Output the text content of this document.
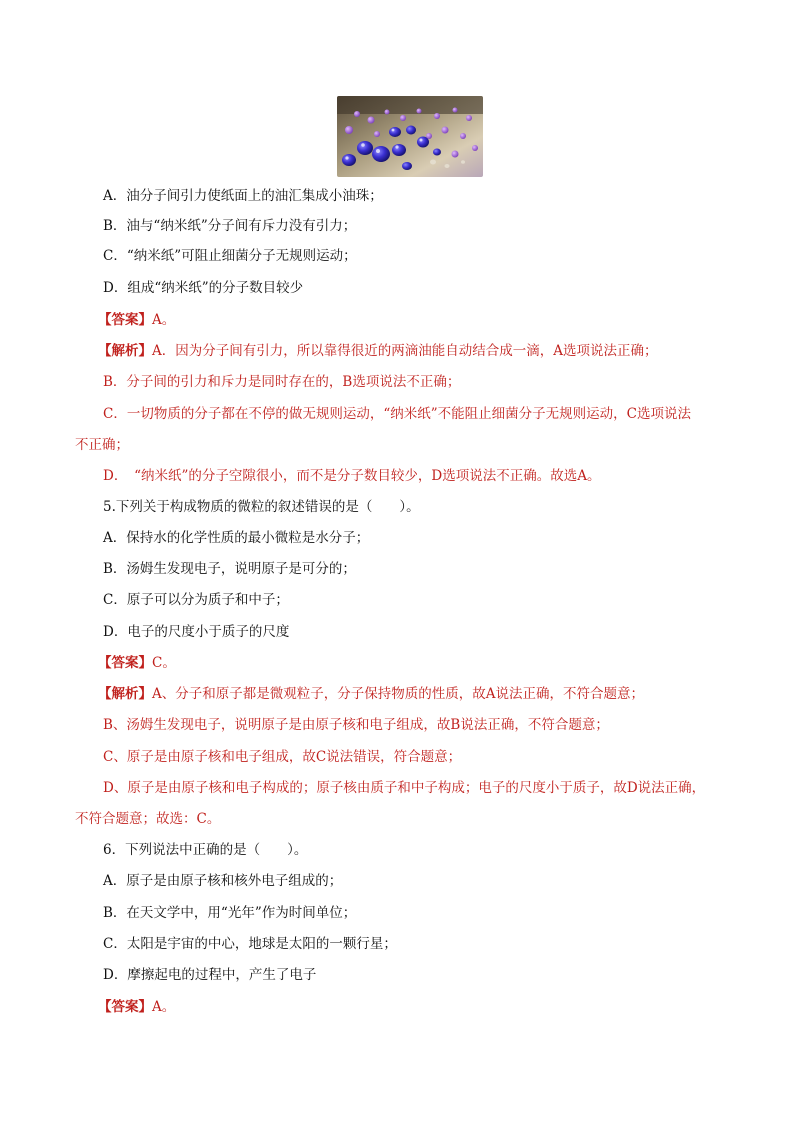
A．油分子间引力使纸面上的油汇集成小油珠；
B．油与“纳米纸”分子间有斥力没有引力；
C．“纳米纸”可阻止细菌分子无规则运动；
D．组成“纳米纸”的分子数目较少
【答案】A。
【解析】A．因为分子间有引力，所以靠得很近的两滴油能自动结合成一滴，A选项说法正确；
B．分子间的引力和斥力是同时存在的，B选项说法不正确；
C．一切物质的分子都在不停的做无规则运动，“纳米纸”不能阻止细菌分子无规则运动，C选项说法
不正确；
D．　“纳米纸”的分子空隙很小，而不是分子数目较少，D选项说法不正确。故选A。
5.下列关于构成物质的微粒的叙述错误的是（　　）。
A．保持水的化学性质的最小微粒是水分子；
B．汤姆生发现电子，说明原子是可分的；
C．原子可以分为质子和中子；
D．电子的尺度小于质子的尺度
【答案】C。
【解析】A、分子和原子都是微观粒子，分子保持物质的性质，故A说法正确，不符合题意；
B、汤姆生发现电子，说明原子是由原子核和电子组成，故B说法正确，不符合题意；
C、原子是由原子核和电子组成，故C说法错误，符合题意；
D、原子是由原子核和电子构成的；原子核由质子和中子构成；电子的尺度小于质子，故D说法正确，
不符合题意；故选：C。
6．下列说法中正确的是（　　）。
A．原子是由原子核和核外电子组成的；
B．在天文学中，用“光年”作为时间单位；
C．太阳是宇宙的中心，地球是太阳的一颗行星；
D．摩擦起电的过程中，产生了电子
【答案】A。
